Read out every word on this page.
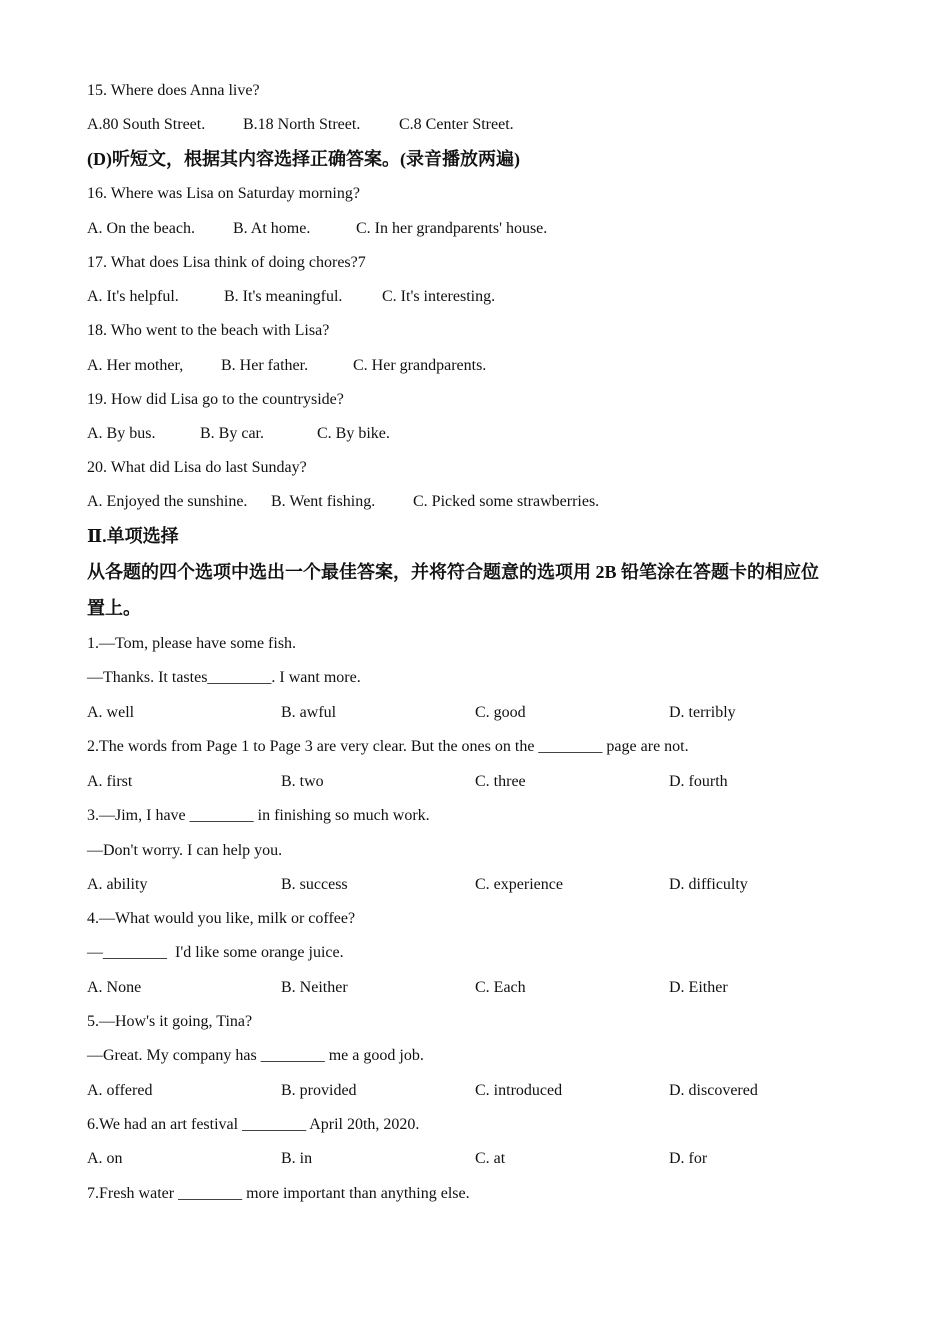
15. Where does Anna live?
A.80 South Street. B.18 North Street. C.8 Center Street.
(D)听短文，根据其内容选择正确答案。(录音播放两遍)
16. Where was Lisa on Saturday morning?
A. On the beach. B. At home.	C. In her grandparents' house.
17. What does Lisa think of doing chores?7
A. It's helpful.	B. It's meaningful. C. It's interesting.
18. Who went to the beach with Lisa?
A. Her mother, B. Her father.	C. Her grandparents.
19. How did Lisa go to the countryside?
A. By bus.	B. By car.	C. By bike.
20. What did Lisa do last Sunday?
A. Enjoyed the sunshine. B. Went fishing. C. Picked some strawberries.
Ⅱ.单项选择
从各题的四个选项中选出一个最佳答案，并将符合题意的选项用 2B 铅笔涂在答题卡的相应位
置上。
1.—Tom, please have some fish.
—Thanks. It tastes________. I want more.
A. well	B. awful	C. good	D. terribly
2.The words from Page 1 to Page 3 are very clear. But the ones on the ________ page are not.
A. first	B. two	C. three	D. fourth
3.—Jim, I have ________ in finishing so much work.
—Don't worry. I can help you.
A. ability	B. success	C. experience	D. difficulty
4.—What would you like, milk or coffee?
—________  I'd like some orange juice.
A. None	B. Neither	C. Each	D. Either
5.—How's it going, Tina?
—Great. My company has ________ me a good job.
A. offered	B. provided	C. introduced	D. discovered
6.We had an art festival ________ April 20th, 2020.
A. on	B. in	C. at	D. for
7.Fresh water ________ more important than anything else.
